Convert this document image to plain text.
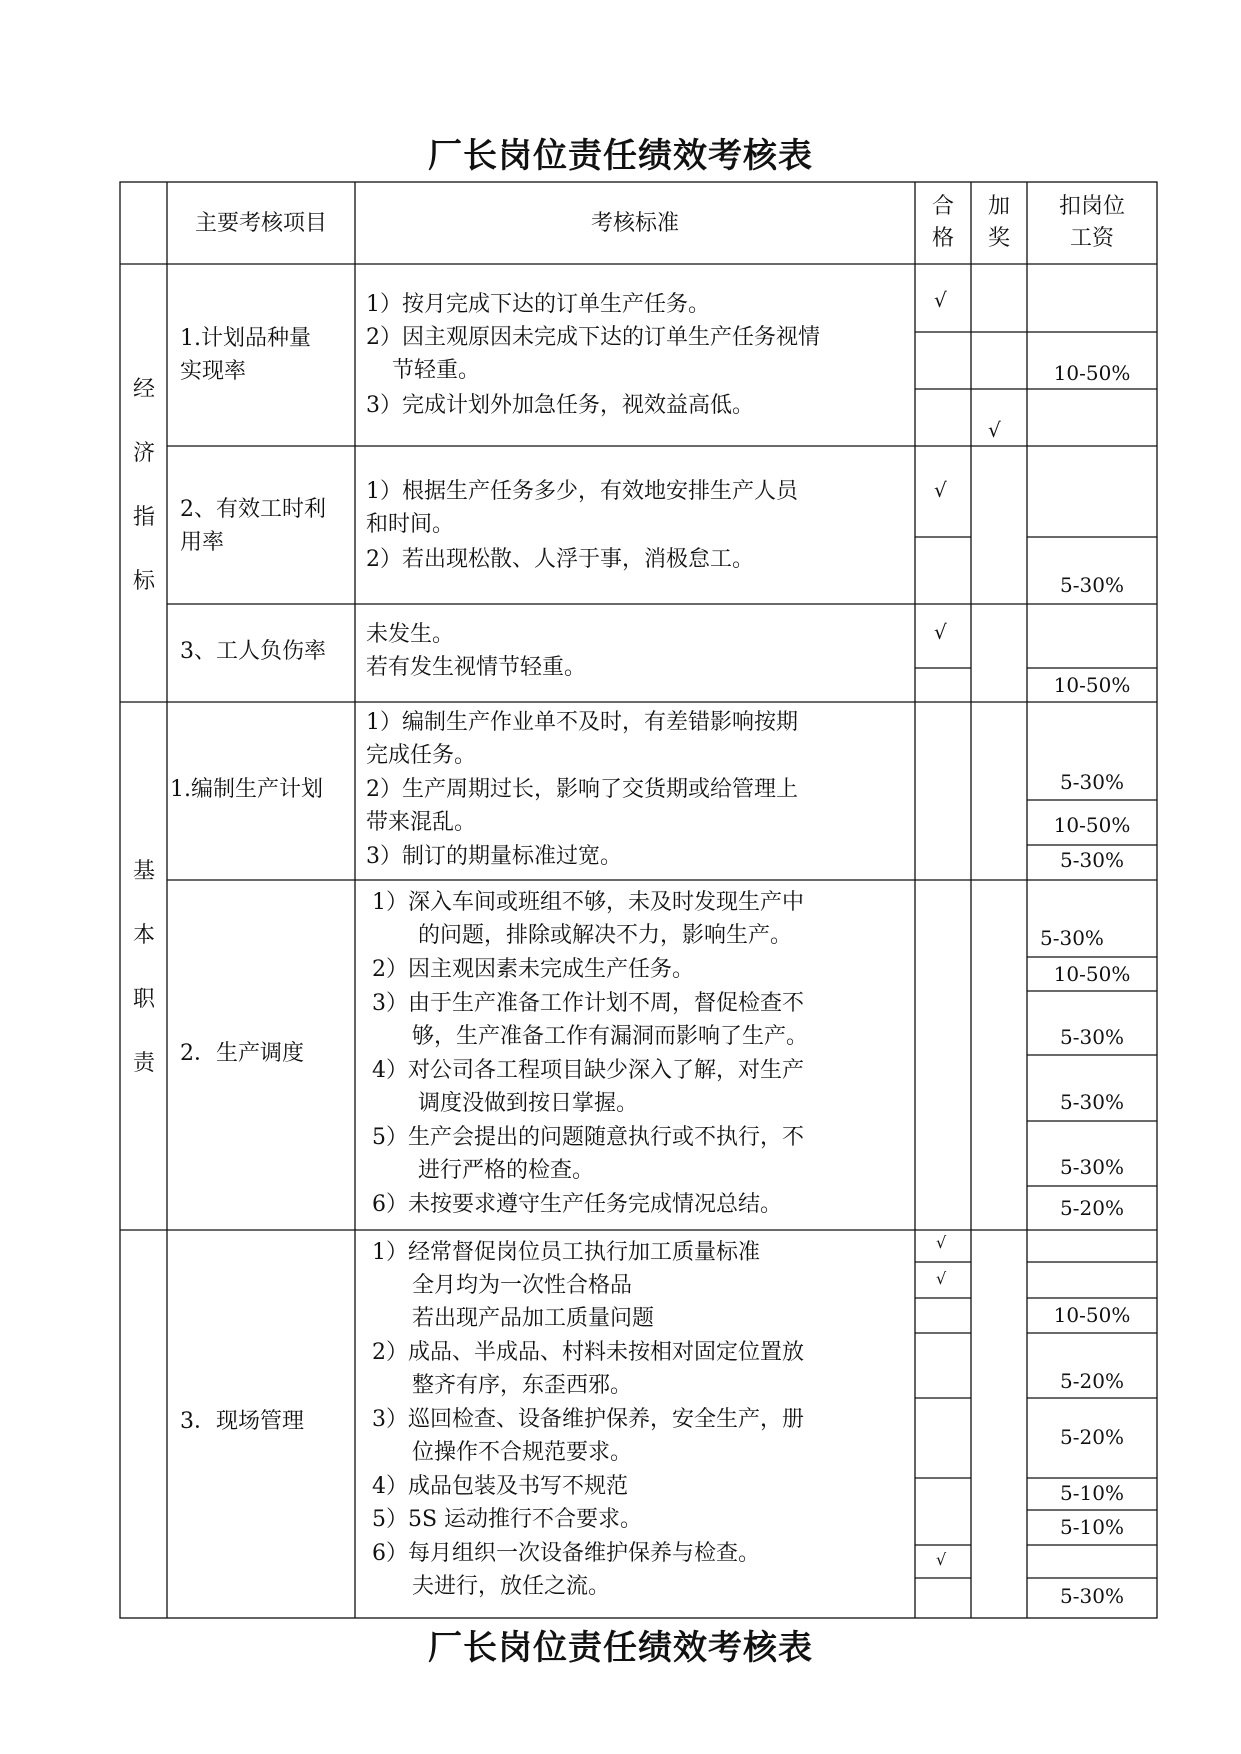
厂长岗位责任绩效考核表
主要考核项目	考核标准
合
格
加
奖
扣岗位
工资
经
济
指
标
基
本
职
责
1.计划品种量
实现率
1）按月完成下达的订单生产任务。
2）因主观原因未完成下达的订单生产任务视情
节轻重。
3）完成计划外加急任务，视效益高低。
√
√
10-50%
2、有效工时利
用率
1）根据生产任务多少，有效地安排生产人员
和时间。
2）若出现松散、人浮于事，消极怠工。
√
5-30%
3、工人负伤率
未发生。
若有发生视情节轻重。
√
10-50%
1.编制生产计划
1）编制生产作业单不及时，有差错影响按期
完成任务。
2）生产周期过长，影响了交货期或给管理上
带来混乱。
3）制订的期量标准过宽。
5-30%
10-50%
5-30%
2．生产调度
1）深入车间或班组不够，未及时发现生产中
的问题，排除或解决不力，影响生产。
2）因主观因素未完成生产任务。
3）由于生产准备工作计划不周，督促检查不
够，生产准备工作有漏洞而影响了生产。
4）对公司各工程项目缺少深入了解，对生产
调度没做到按日掌握。
5）生产会提出的问题随意执行或不执行，不
进行严格的检查。
6）未按要求遵守生产任务完成情况总结。
5-30%
10-50%
5-30%
5-30%
5-30%
5-20%
3．现场管理
1）经常督促岗位员工执行加工质量标准
全月均为一次性合格品
若出现产品加工质量问题
2）成品、半成品、村料未按相对固定位置放
整齐有序，东歪西邪。
3）巡回检查、设备维护保养，安全生产，册
位操作不合规范要求。
4）成品包装及书写不规范
5）5S 运动推行不合要求。
6）每月组织一次设备维护保养与检查。
夫进行，放任之流。
√
√
√
10-50%
5-20%
5-20%
5-10%
5-10%
5-30%
厂长岗位责任绩效考核表
